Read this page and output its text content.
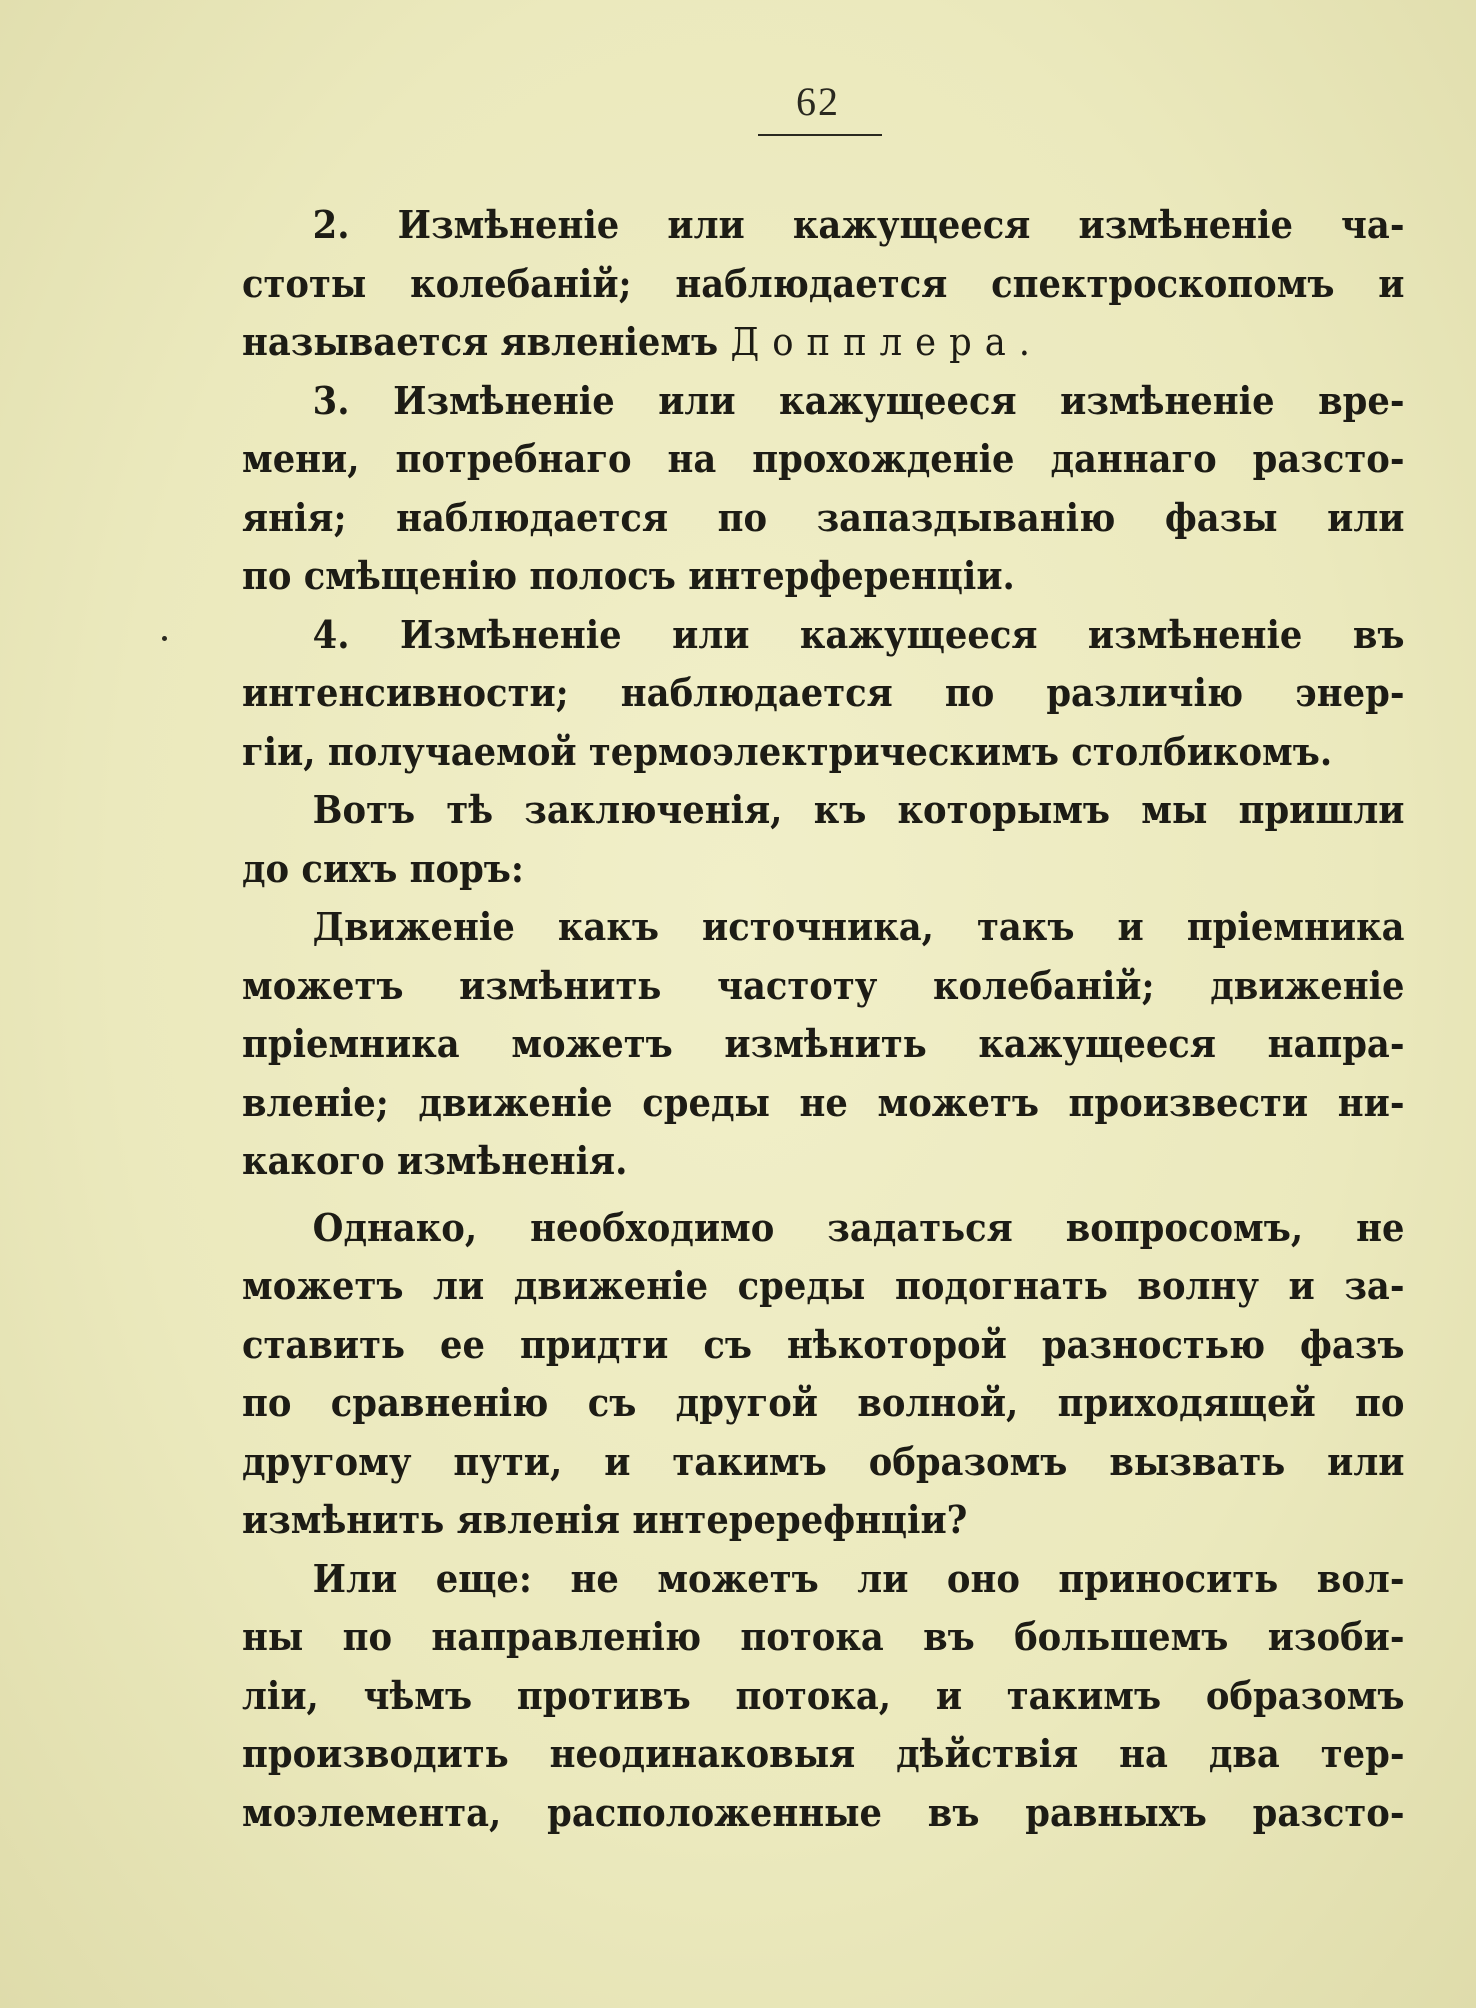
62
2. Измѣненіе или кажущееся измѣненіе ча-
стоты колебаній; наблюдается спектроскопомъ и
называется явленіемъ Допплера.
3. Измѣненіе или кажущееся измѣненіе вре-
мени, потребнаго на прохожденіе даннаго разсто-
янія; наблюдается по запаздыванію фазы или
по смѣщенію полосъ интерференціи.
4. Измѣненіе или кажущееся измѣненіе въ
интенсивности; наблюдается по различію энер-
гіи, получаемой термоэлектрическимъ столбикомъ.
Вотъ тѣ заключенія, къ которымъ мы пришли
до сихъ поръ:
Движеніе какъ источника, такъ и пріемника
можетъ измѣнить частоту колебаній; движеніе
пріемника можетъ измѣнить кажущееся напра-
вленіе; движеніе среды не можетъ произвести ни-
какого измѣненія.
Однако, необходимо задаться вопросомъ, не
можетъ ли движеніе среды подогнать волну и за-
ставить ее придти съ нѣкоторой разностью фазъ
по сравненію съ другой волной, приходящей по
другому пути, и такимъ образомъ вызвать или
измѣнить явленія интеререфнціи?
Или еще: не можетъ ли оно приносить вол-
ны по направленію потока въ большемъ изоби-
ліи, чѣмъ противъ потока, и такимъ образомъ
производить неодинаковыя дѣйствія на два тер-
моэлемента, расположенные въ равныхъ разсто-
